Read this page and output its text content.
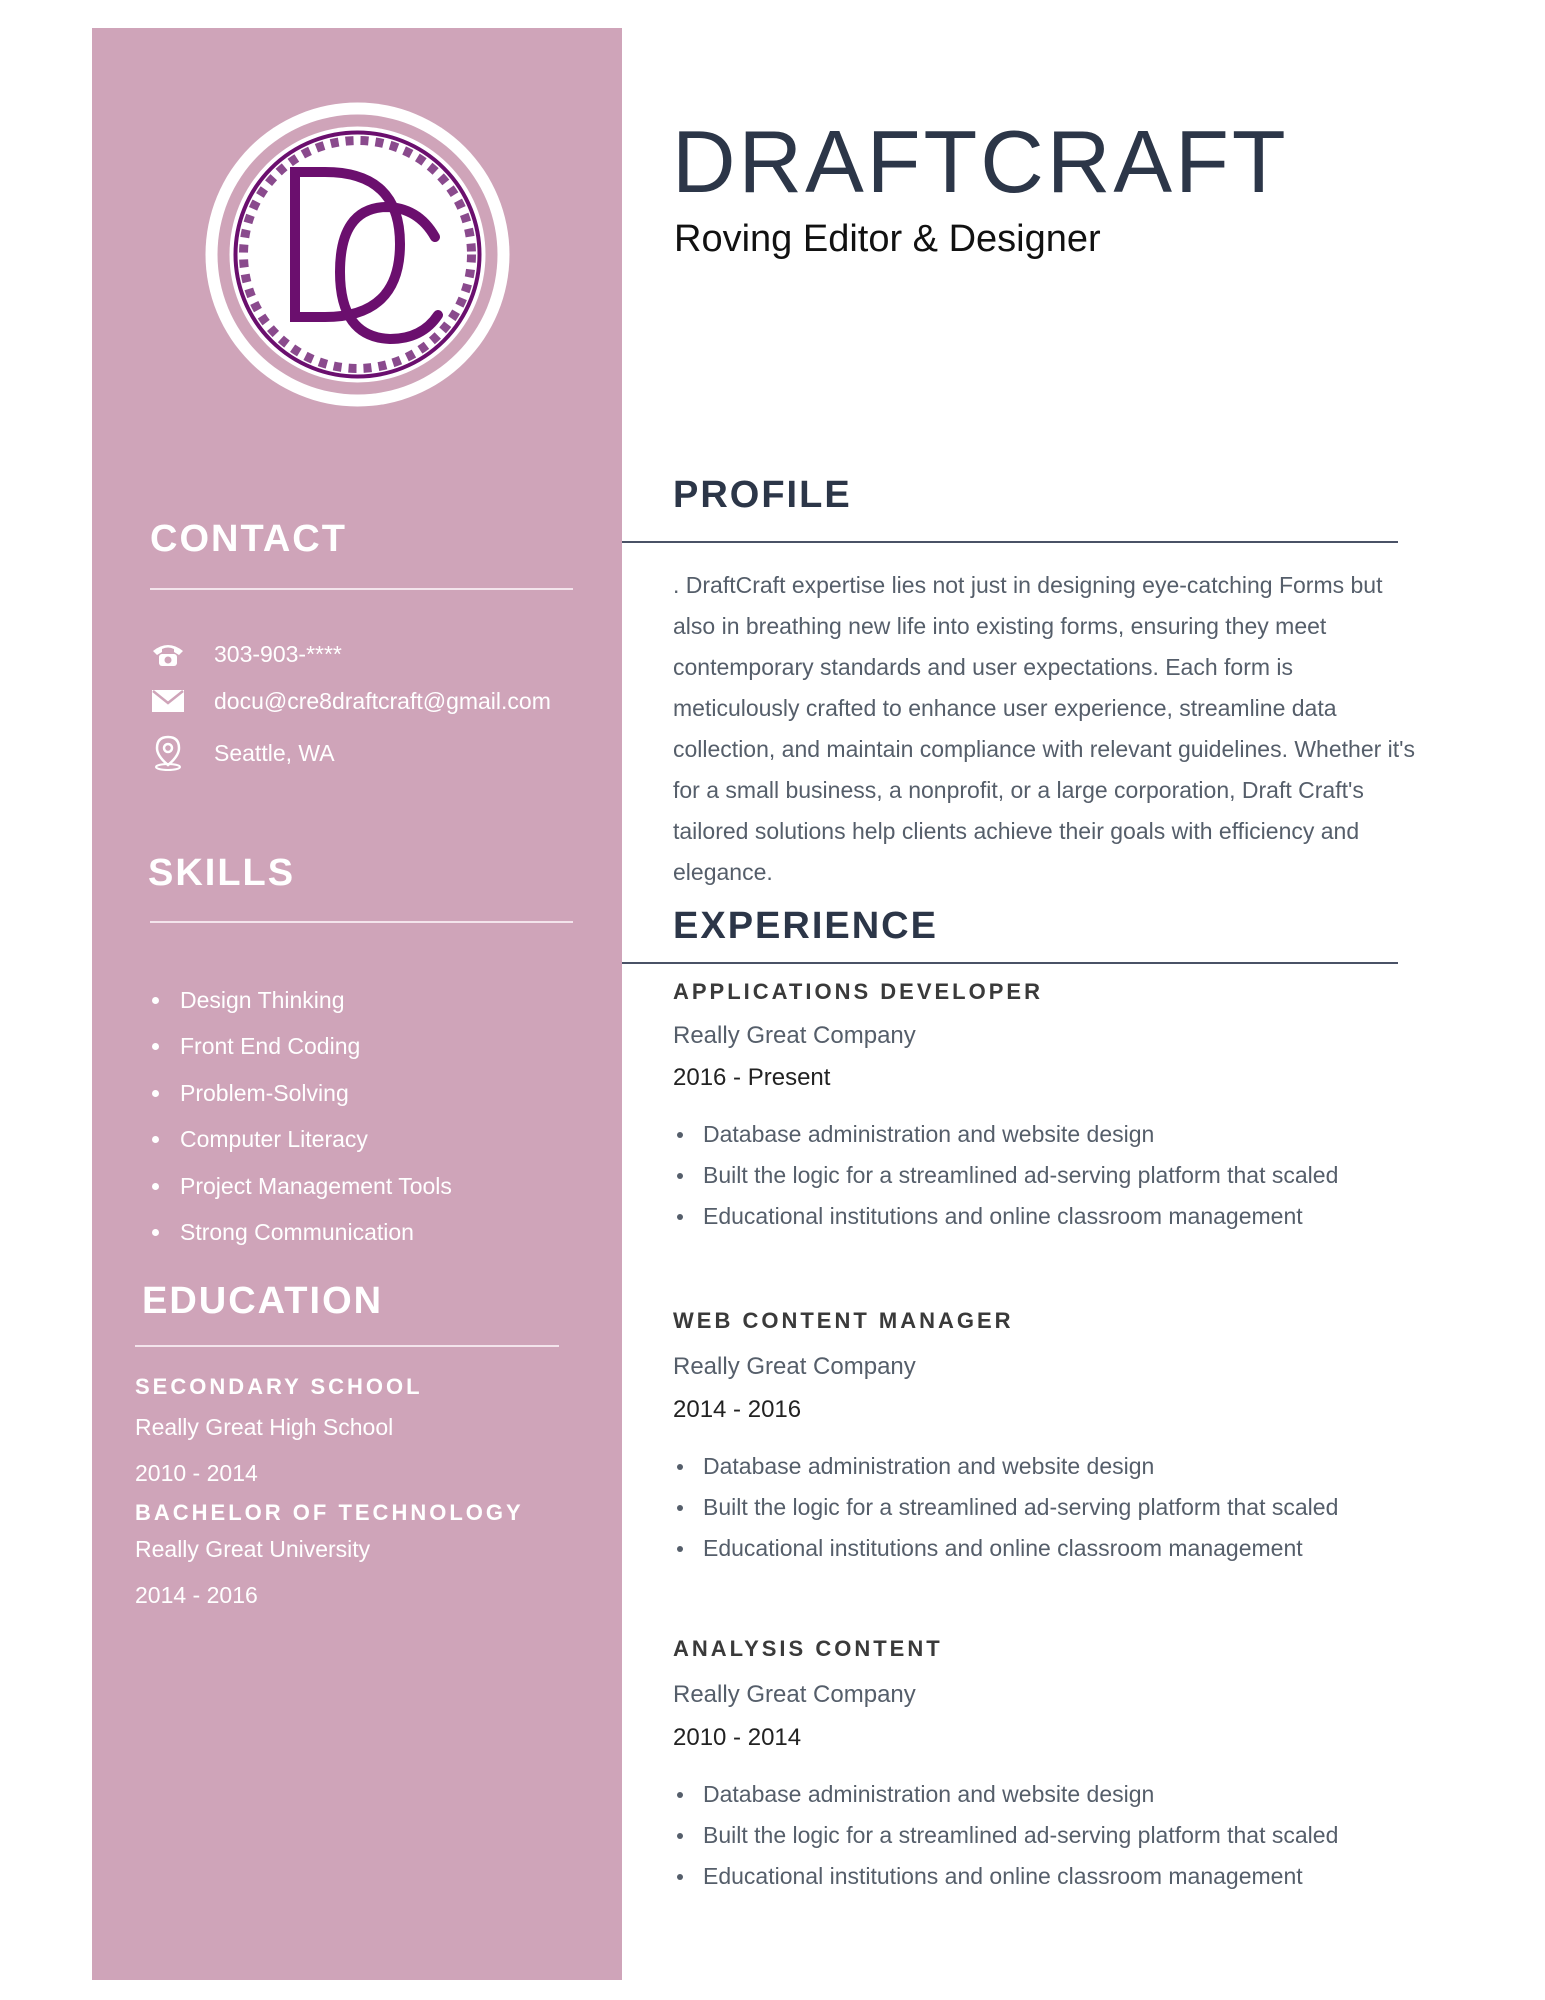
CONTACT
303-903-****
docu@cre8draftcraft@gmail.com
Seattle, WA
SKILLS
Design Thinking
Front End Coding
Problem-Solving
Computer Literacy
Project Management Tools
Strong Communication
EDUCATION

SECONDARY SCHOOL

Really Great High School

2010 - 2014

BACHELOR OF TECHNOLOGY

Really Great University

2014 - 2016

DRAFTCRAFT

Roving Editor & Designer

PROFILE

. DraftCraft expertise lies not just in designing eye-catching Forms but also in breathing new life into existing forms, ensuring they meet contemporary standards and user expectations. Each form is meticulously crafted to enhance user experience, streamline data collection, and maintain compliance with relevant guidelines. Whether it's for a small business, a nonprofit, or a large corporation, Draft Craft's tailored solutions help clients achieve their goals with efficiency and elegance.

EXPERIENCE

APPLICATIONS DEVELOPER

Really Great Company

2016 - Present

Database administration and website design
Built the logic for a streamlined ad-serving platform that scaled
Educational institutions and online classroom management

WEB CONTENT MANAGER

Really Great Company

2014 - 2016

Database administration and website design
Built the logic for a streamlined ad-serving platform that scaled
Educational institutions and online classroom management

ANALYSIS CONTENT

Really Great Company

2010 - 2014

Database administration and website design
Built the logic for a streamlined ad-serving platform that scaled
Educational institutions and online classroom management
